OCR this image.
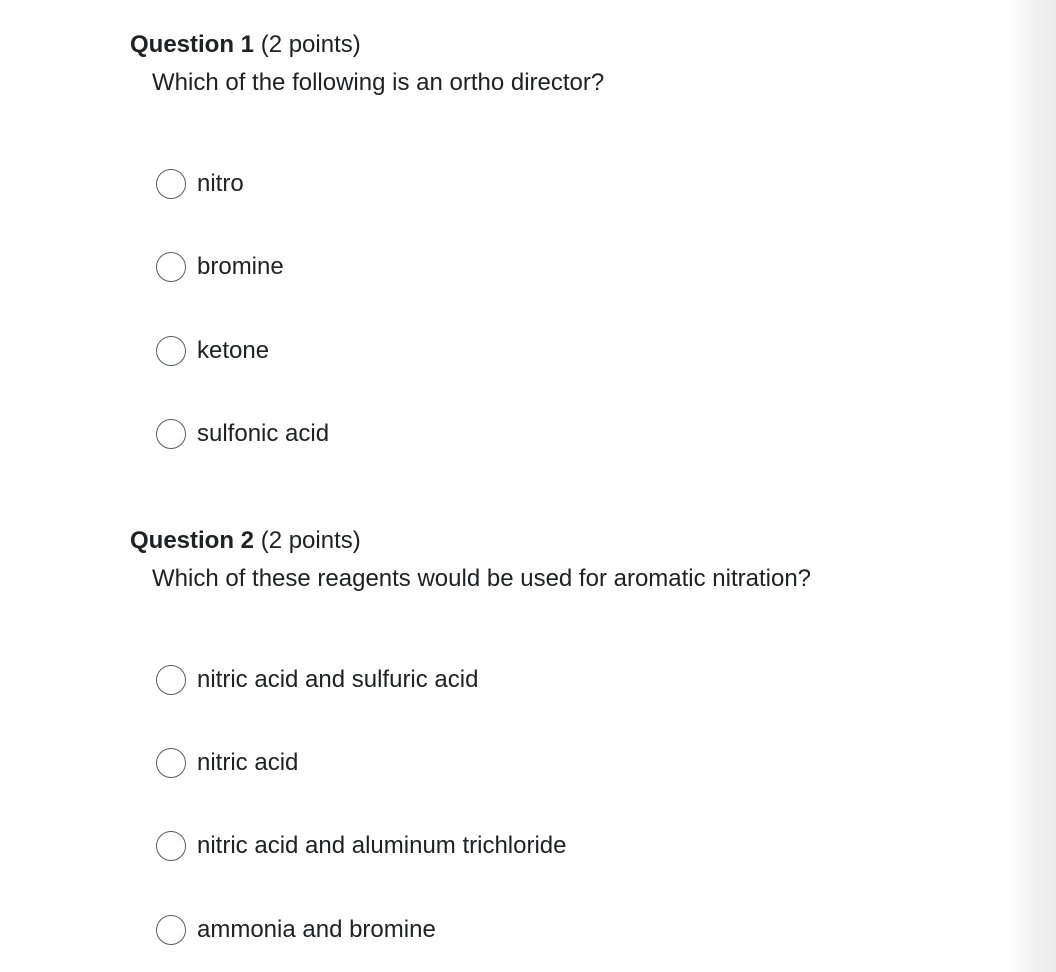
Question 1 (2 points)
Which of the following is an ortho director?
nitro
bromine
ketone
sulfonic acid
Question 2 (2 points)
Which of these reagents would be used for aromatic nitration?
nitric acid and sulfuric acid
nitric acid
nitric acid and aluminum trichloride
ammonia and bromine
